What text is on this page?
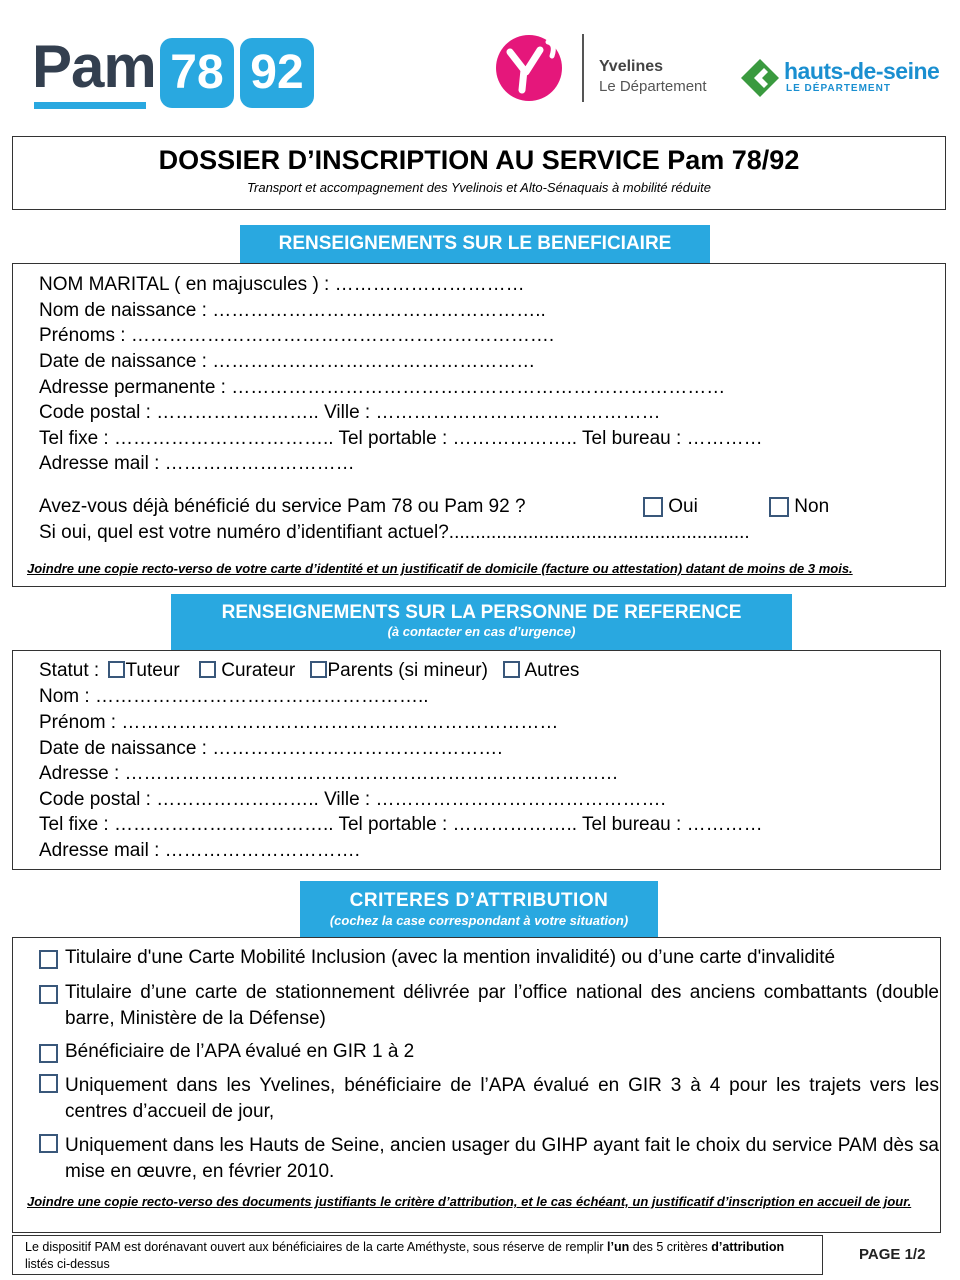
Pam 78 92	Yvelines
Le Département
hauts-de-seine
LE DÉPARTEMENT
DOSSIER D’INSCRIPTION AU SERVICE Pam 78/92
Transport et accompagnement des Yvelinois et Alto-Sénaquais à mobilité réduite
RENSEIGNEMENTS SUR LE BENEFICIAIRE
NOM MARITAL ( en majuscules ) : …………………………
Nom de naissance : ……………………………………………..
Prénoms : ………………………………………………………….
Date de naissance : ……………………………………………
Adresse permanente : ……………………………………………………………………
Code postal : …………………….. Ville : ………………………………………
Tel fixe : …………………………….. Tel portable : ……………….. Tel bureau : …………
Adresse mail : …………………………
Avez-vous déjà bénéficié du service Pam 78 ou Pam 92 ?	Oui	Non
Si oui, quel est votre numéro d’identifiant actuel?.........................................................
Joindre une copie recto-verso de votre carte d’identité et un justificatif de domicile (facture ou attestation) datant de moins de 3 mois.
RENSEIGNEMENTS SUR LA PERSONNE DE REFERENCE
(à contacter en cas d’urgence)
Statut : Tuteur Curateur Parents (si mineur) Autres
Nom : ……………………………………………..
Prénom : ……………………………………………………………
Date de naissance : ……………………………………….
Adresse : ……………………………………………………………………
Code postal : …………………….. Ville : ……………………………………….
Tel fixe : …………………………….. Tel portable : ……………….. Tel bureau : …………
Adresse mail : ………………………….
CRITERES D’ATTRIBUTION
(cochez la case correspondant à votre situation)
Titulaire d'une Carte Mobilité Inclusion (avec la mention invalidité) ou d’une carte d'invalidité
Titulaire d’une carte de stationnement délivrée par l’office national des anciens combattants (double barre, Ministère de la Défense)
Bénéficiaire de l’APA évalué en GIR 1 à 2
Uniquement dans les Yvelines, bénéficiaire de l’APA évalué en GIR 3 à 4 pour les trajets vers les centres d’accueil de jour,
Uniquement dans les Hauts de Seine, ancien usager du GIHP ayant fait le choix du service PAM dès sa mise en œuvre, en février 2010.
Joindre une copie recto-verso des documents justifiants le critère d’attribution, et le cas échéant, un justificatif d’inscription en accueil de jour.
Le dispositif PAM est dorénavant ouvert aux bénéficiaires de la carte Améthyste, sous réserve de remplir l’un des 5 critères d’attribution listés ci-dessus
PAGE 1/2
